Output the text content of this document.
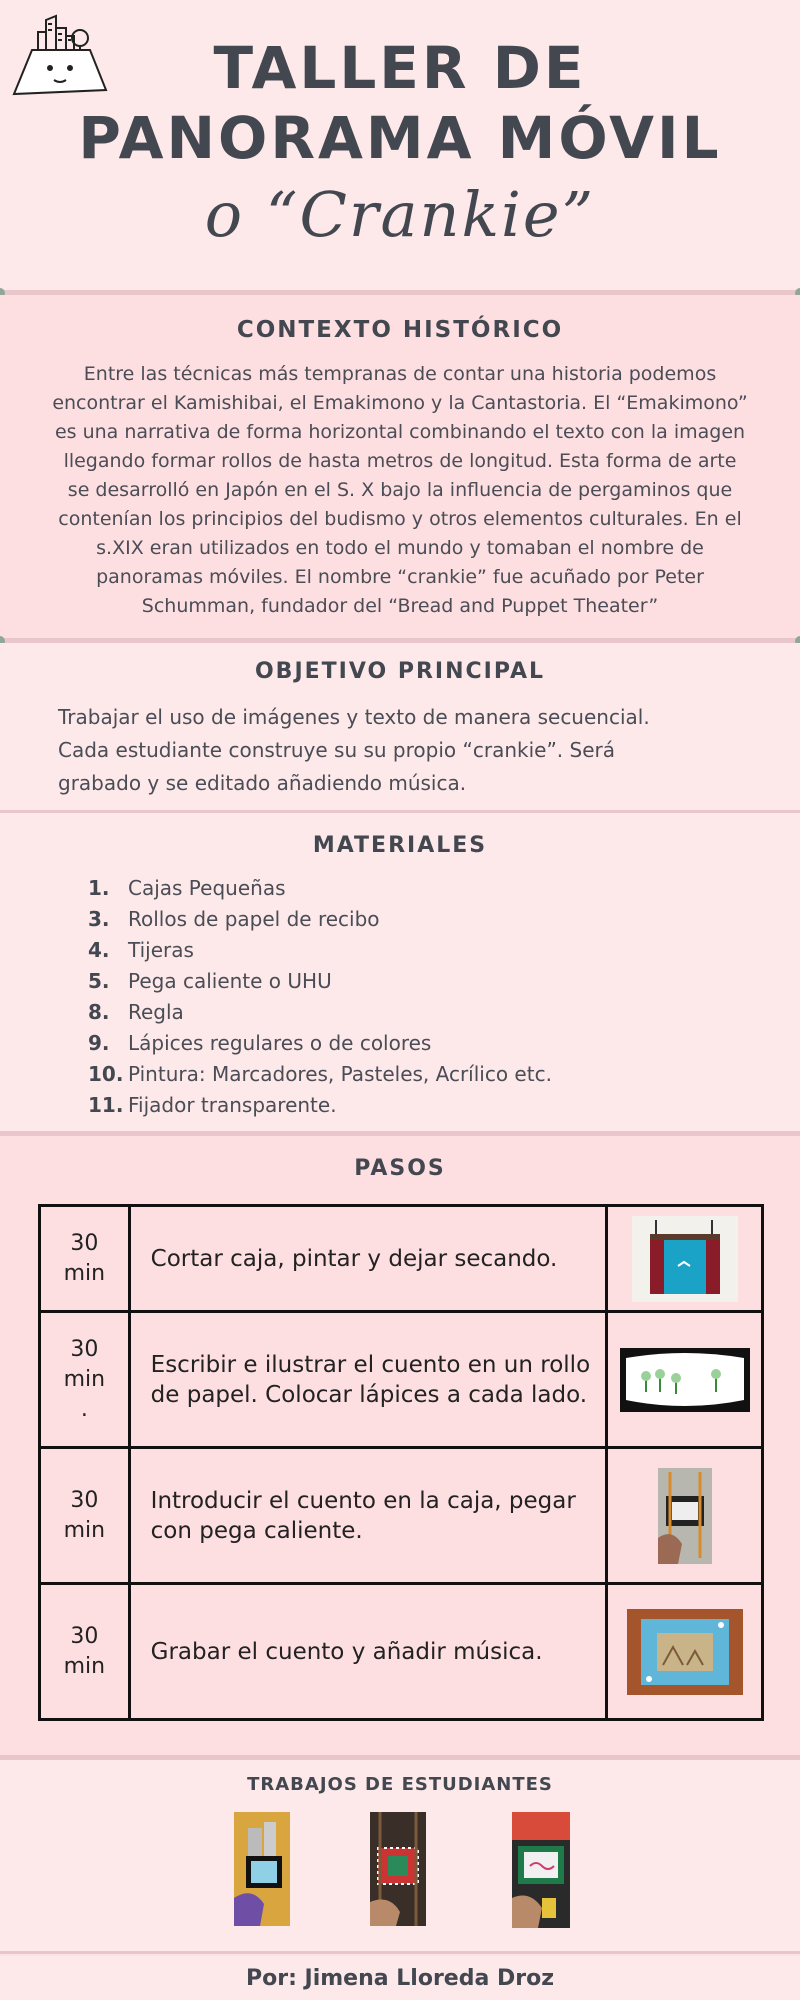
TALLER DE
PANORAMA MÓVIL
o “Crankie”
CONTEXTO HISTÓRICO
Entre las técnicas más tempranas de contar una historia podemos
encontrar el Kamishibai, el Emakimono y la Cantastoria. El “Emakimono”
es una narrativa de forma horizontal combinando el texto con la imagen
llegando formar rollos de hasta metros de longitud. Esta forma de arte
se desarrolló en Japón en el S. X bajo la influencia de pergaminos que
contenían los principios del budismo y otros elementos culturales. En el
s.XIX eran utilizados en todo el mundo y tomaban el nombre de
panoramas móviles. El nombre “crankie” fue acuñado por Peter
Schumman, fundador del “Bread and Puppet Theater”
OBJETIVO PRINCIPAL
Trabajar el uso de imágenes y texto de manera secuencial.
Cada estudiante construye su su propio “crankie”. Será
grabado y se editado añadiendo música.
MATERIALES
1. Cajas Pequeñas
3. Rollos de papel de recibo
4. Tijeras
5. Pega caliente o UHU
8. Regla
9. Lápices regulares o de colores
10. Pintura: Marcadores, Pasteles, Acrílico etc.
11. Fijador transparente.
PASOS
30
min	Cortar caja, pintar y dejar secando.	

30
min
.	Escribir e ilustrar el cuento en un rollo de papel. Colocar lápices a cada lado.	

30
min	Introducir el cuento en la caja, pegar con pega caliente.	

30
min	Grabar el cuento y añadir música.	
TRABAJOS DE ESTUDIANTES
Por: Jimena Lloreda Droz
